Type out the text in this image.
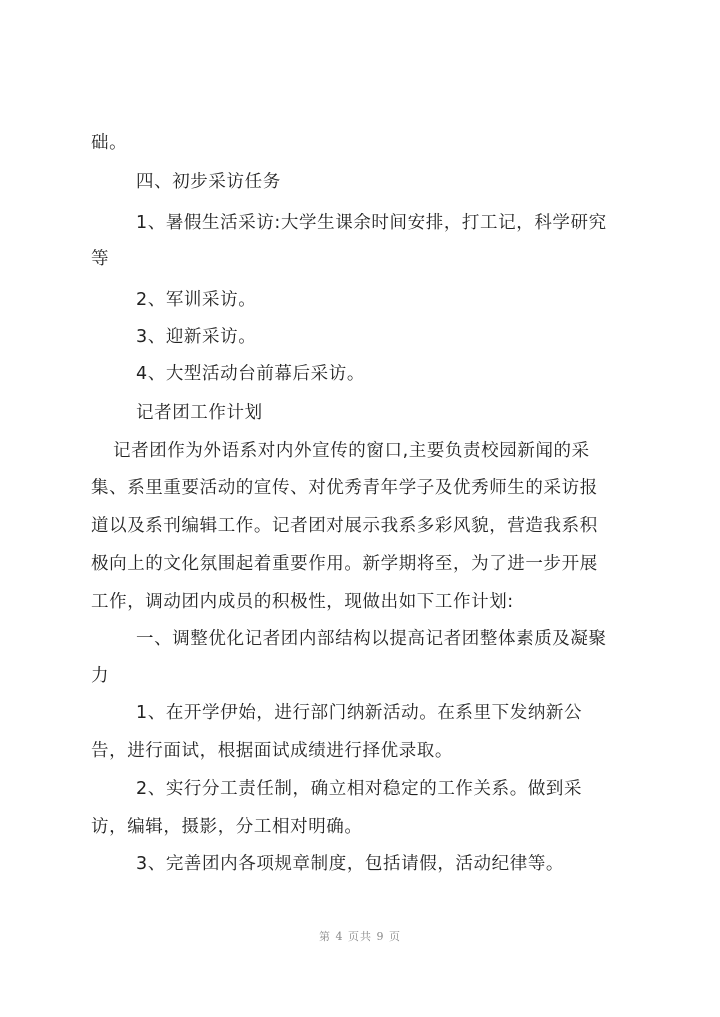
础。
四、初步采访任务
1、暑假生活采访:大学生课余时间安排，打工记，科学研究
等
2、军训采访。
3、迎新采访。
4、大型活动台前幕后采访。
记者团工作计划
记者团作为外语系对内外宣传的窗口,主要负责校园新闻的采
集、系里重要活动的宣传、对优秀青年学子及优秀师生的采访报
道以及系刊编辑工作。记者团对展示我系多彩风貌，营造我系积
极向上的文化氛围起着重要作用。新学期将至，为了进一步开展
工作，调动团内成员的积极性，现做出如下工作计划:
一、调整优化记者团内部结构以提高记者团整体素质及凝聚
力
1、在开学伊始，进行部门纳新活动。在系里下发纳新公
告，进行面试，根据面试成绩进行择优录取。
2、实行分工责任制，确立相对稳定的工作关系。做到采
访，编辑，摄影，分工相对明确。
3、完善团内各项规章制度，包括请假，活动纪律等。
第 4 页共 9 页
